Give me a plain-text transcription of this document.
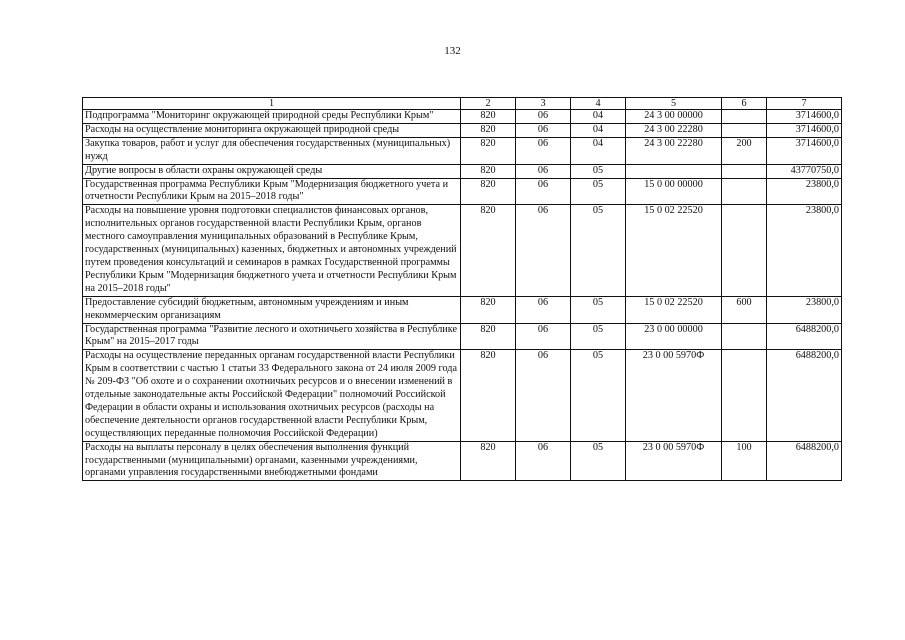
132
1	2	3	4	5	6	7
Подпрограмма "Мониторинг окружающей природной среды Республики Крым"	820	06	04	24 3 00 00000		3714600,0
Расходы на осуществление мониторинга окружающей природной среды	820	06	04	24 3 00 22280		3714600,0
Закупка товаров, работ и услуг для обеспечения государственных (муниципальных) нужд	820	06	04	24 3 00 22280	200	3714600,0
Другие вопросы в области охраны окружающей среды	820	06	05			43770750,0
Государственная программа Республики Крым "Модернизация бюджетного учета и отчетности Республики Крым на 2015–2018 годы"	820	06	05	15 0 00 00000		23800,0
Расходы на повышение уровня подготовки специалистов финансовых органов, исполнительных органов государственной власти Республики Крым, органов местного самоуправления муниципальных образований в Республике Крым, государственных (муниципальных) казенных, бюджетных и автономных учреждений путем проведения консультаций и семинаров в рамках Государственной программы Республики Крым "Модернизация бюджетного учета и отчетности Республики Крым на 2015–2018 годы"	820	06	05	15 0 02 22520		23800,0
Предоставление субсидий бюджетным, автономным учреждениям и иным некоммерческим организациям	820	06	05	15 0 02 22520	600	23800,0
Государственная программа "Развитие лесного и охотничьего хозяйства в Республике Крым" на 2015–2017 годы	820	06	05	23 0 00 00000		6488200,0
Расходы на осуществление переданных органам государственной власти Республики Крым в соответствии с частью 1 статьи 33 Федерального закона от 24 июля 2009 года № 209-ФЗ "Об охоте и о сохранении охотничьих ресурсов и о внесении изменений в отдельные законодательные акты Российской Федерации" полномочий Российской Федерации в области охраны и использования охотничьих ресурсов (расходы на обеспечение деятельности органов государственной власти Республики Крым, осуществляющих переданные полномочия Российской Федерации)	820	06	05	23 0 00 5970Ф		6488200,0
Расходы на выплаты персоналу в целях обеспечения выполнения функций государственными (муниципальными) органами, казенными учреждениями, органами управления государственными внебюджетными фондами	820	06	05	23 0 00 5970Ф	100	6488200,0
